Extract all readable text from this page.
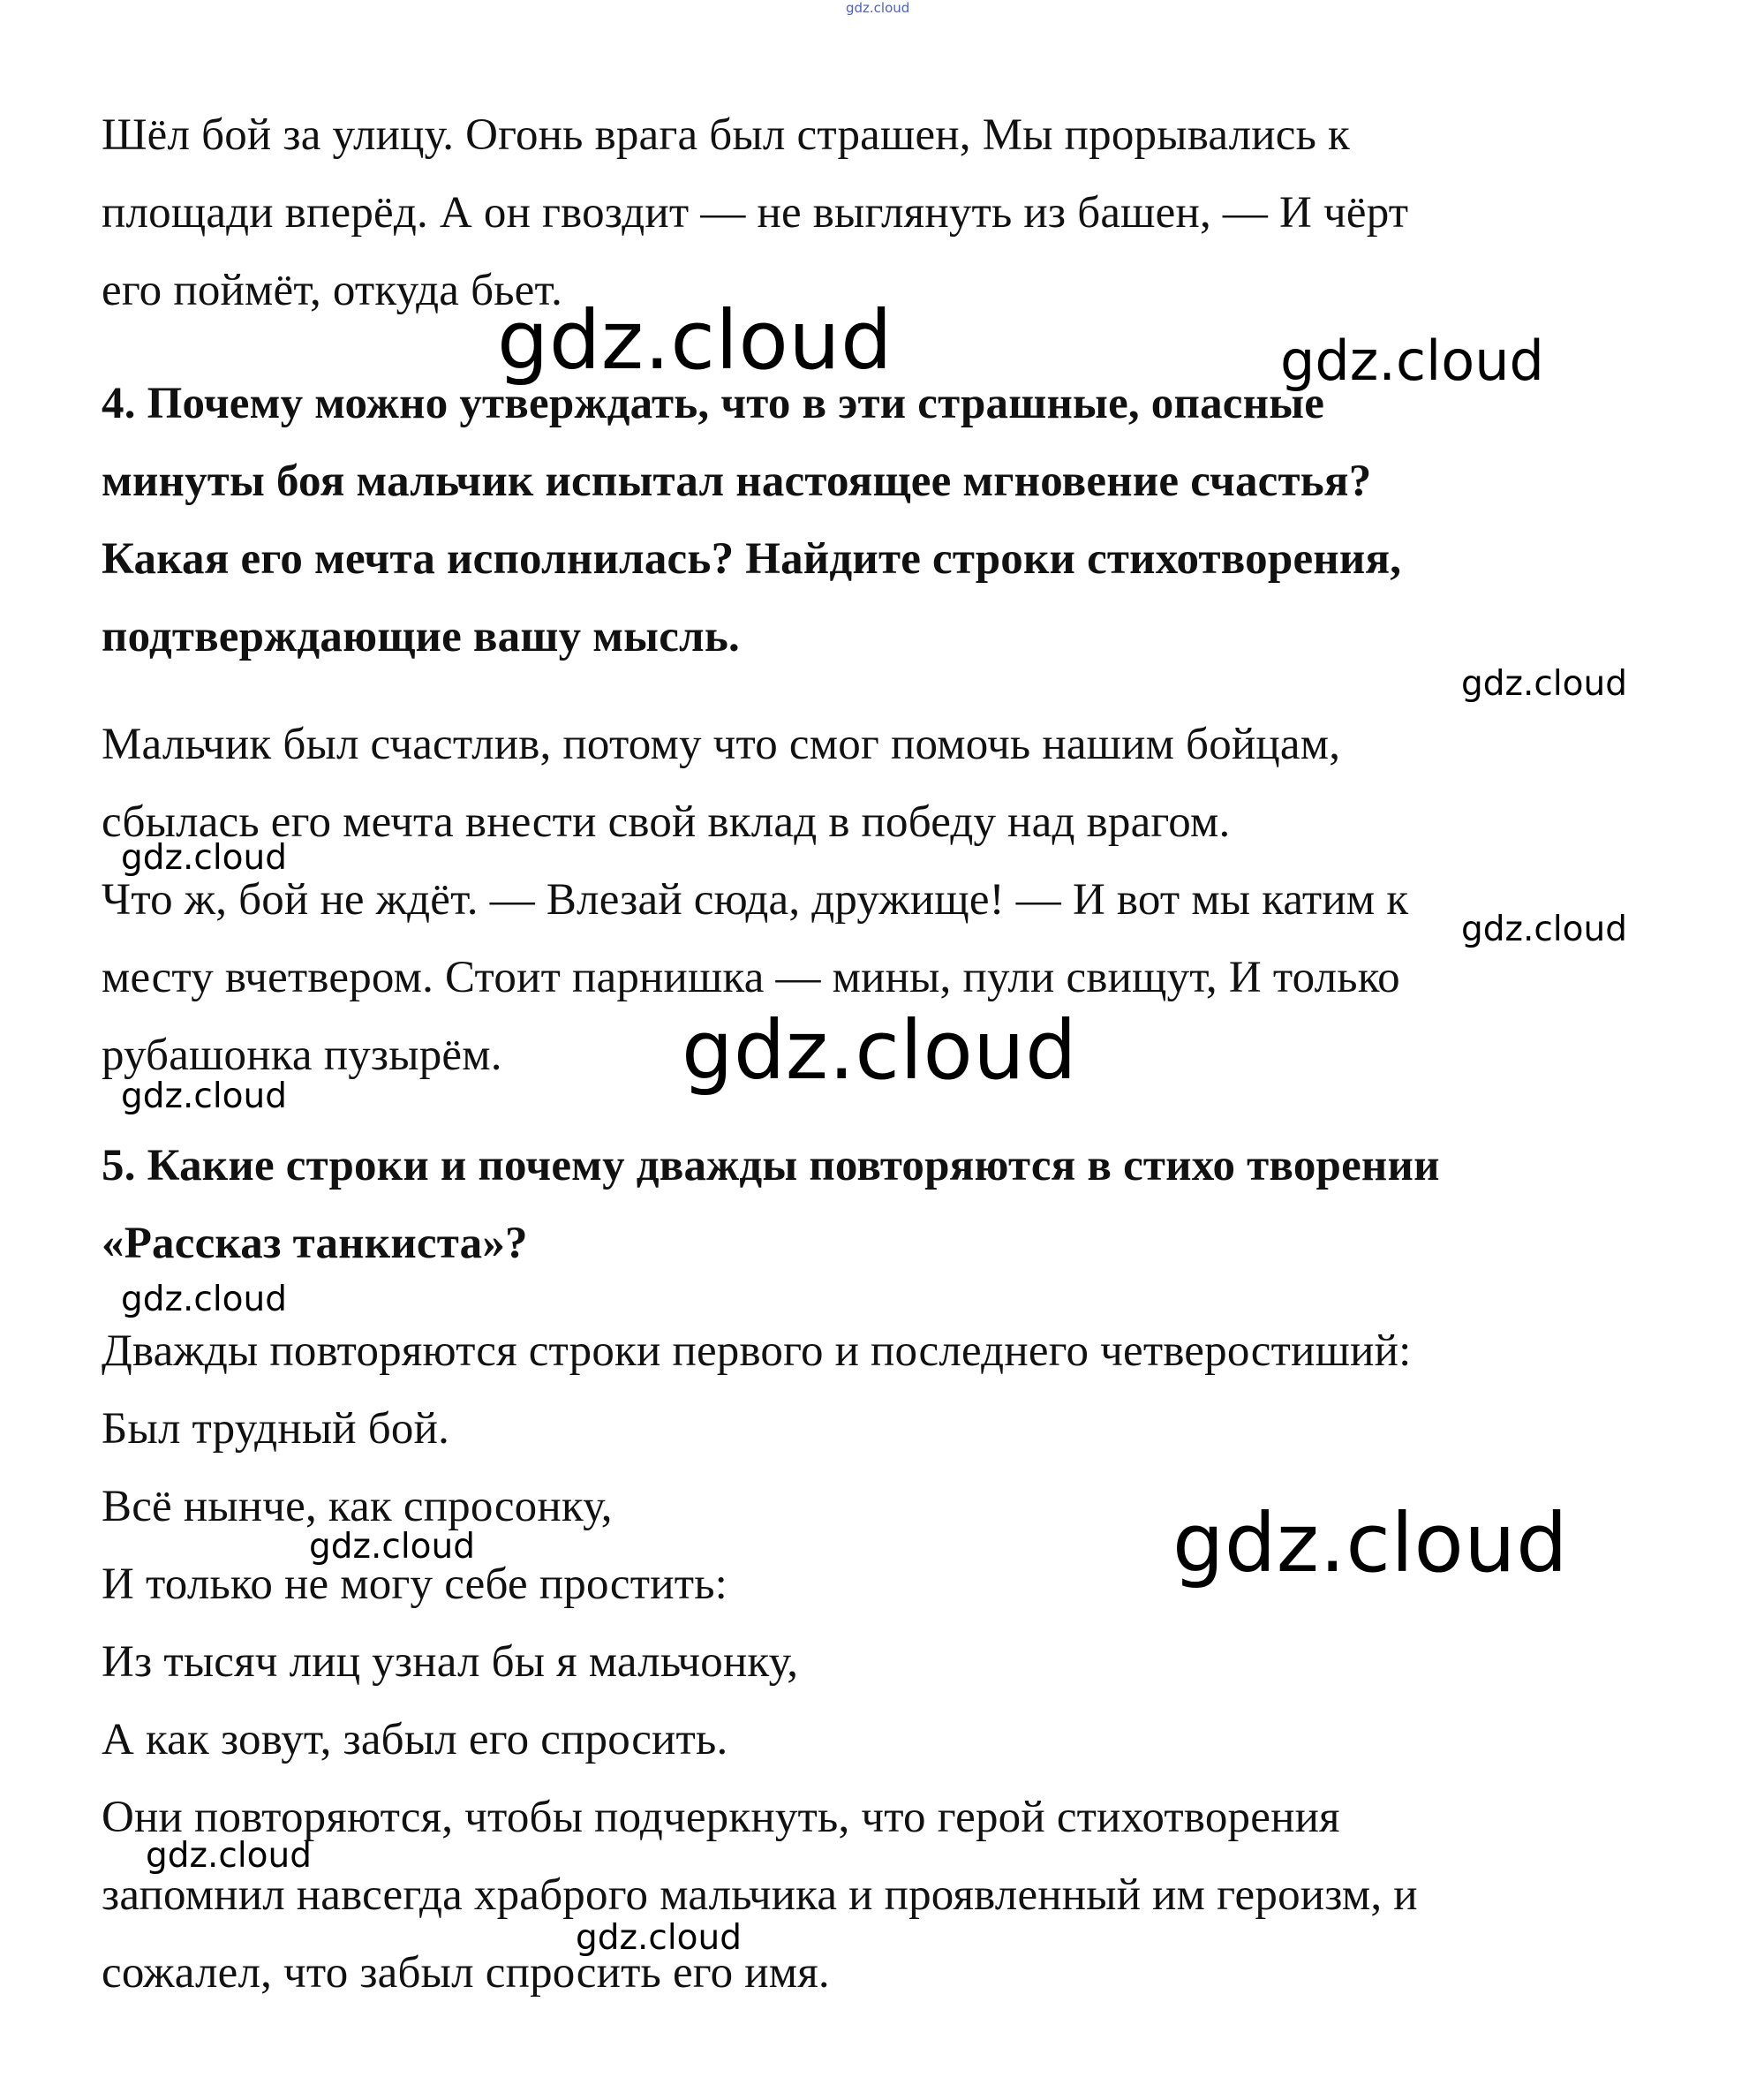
gdz.cloud
Шёл бой за улицу. Огонь врага был страшен, Мы прорывались к
площади вперёд. А он гвоздит — не выглянуть из башен, — И чёрт
его поймёт, откуда бьет.
4. Почему можно утверждать, что в эти страшные, опасные
минуты боя мальчик испытал настоящее мгновение счастья?
Какая его мечта исполнилась? Найдите строки стихотворения,
подтверждающие вашу мысль.
Мальчик был счастлив, потому что смог помочь нашим бойцам,
сбылась его мечта внести свой вклад в победу над врагом.
Что ж, бой не ждёт. — Влезай сюда, дружище! — И вот мы катим к
месту вчетвером. Стоит парнишка — мины, пули свищут, И только
рубашонка пузырём.
5. Какие строки и почему дважды повторяются в стихо творении
«Рассказ танкиста»?
Дважды повторяются строки первого и последнего четверостиший:
Был трудный бой.
Всё нынче, как спросонку,
И только не могу себе простить:
Из тысяч лиц узнал бы я мальчонку,
А как зовут, забыл его спросить.
Они повторяются, чтобы подчеркнуть, что герой стихотворения
запомнил навсегда храброго мальчика и проявленный им героизм, и
сожалел, что забыл спросить его имя.
gdz.cloud	gdz.cloud
gdz.cloud
gdz.cloud
gdz.cloud
gdz.cloud
gdz.cloud
gdz.cloud
gdz.cloud	gdz.cloud
gdz.cloud
gdz.cloud
